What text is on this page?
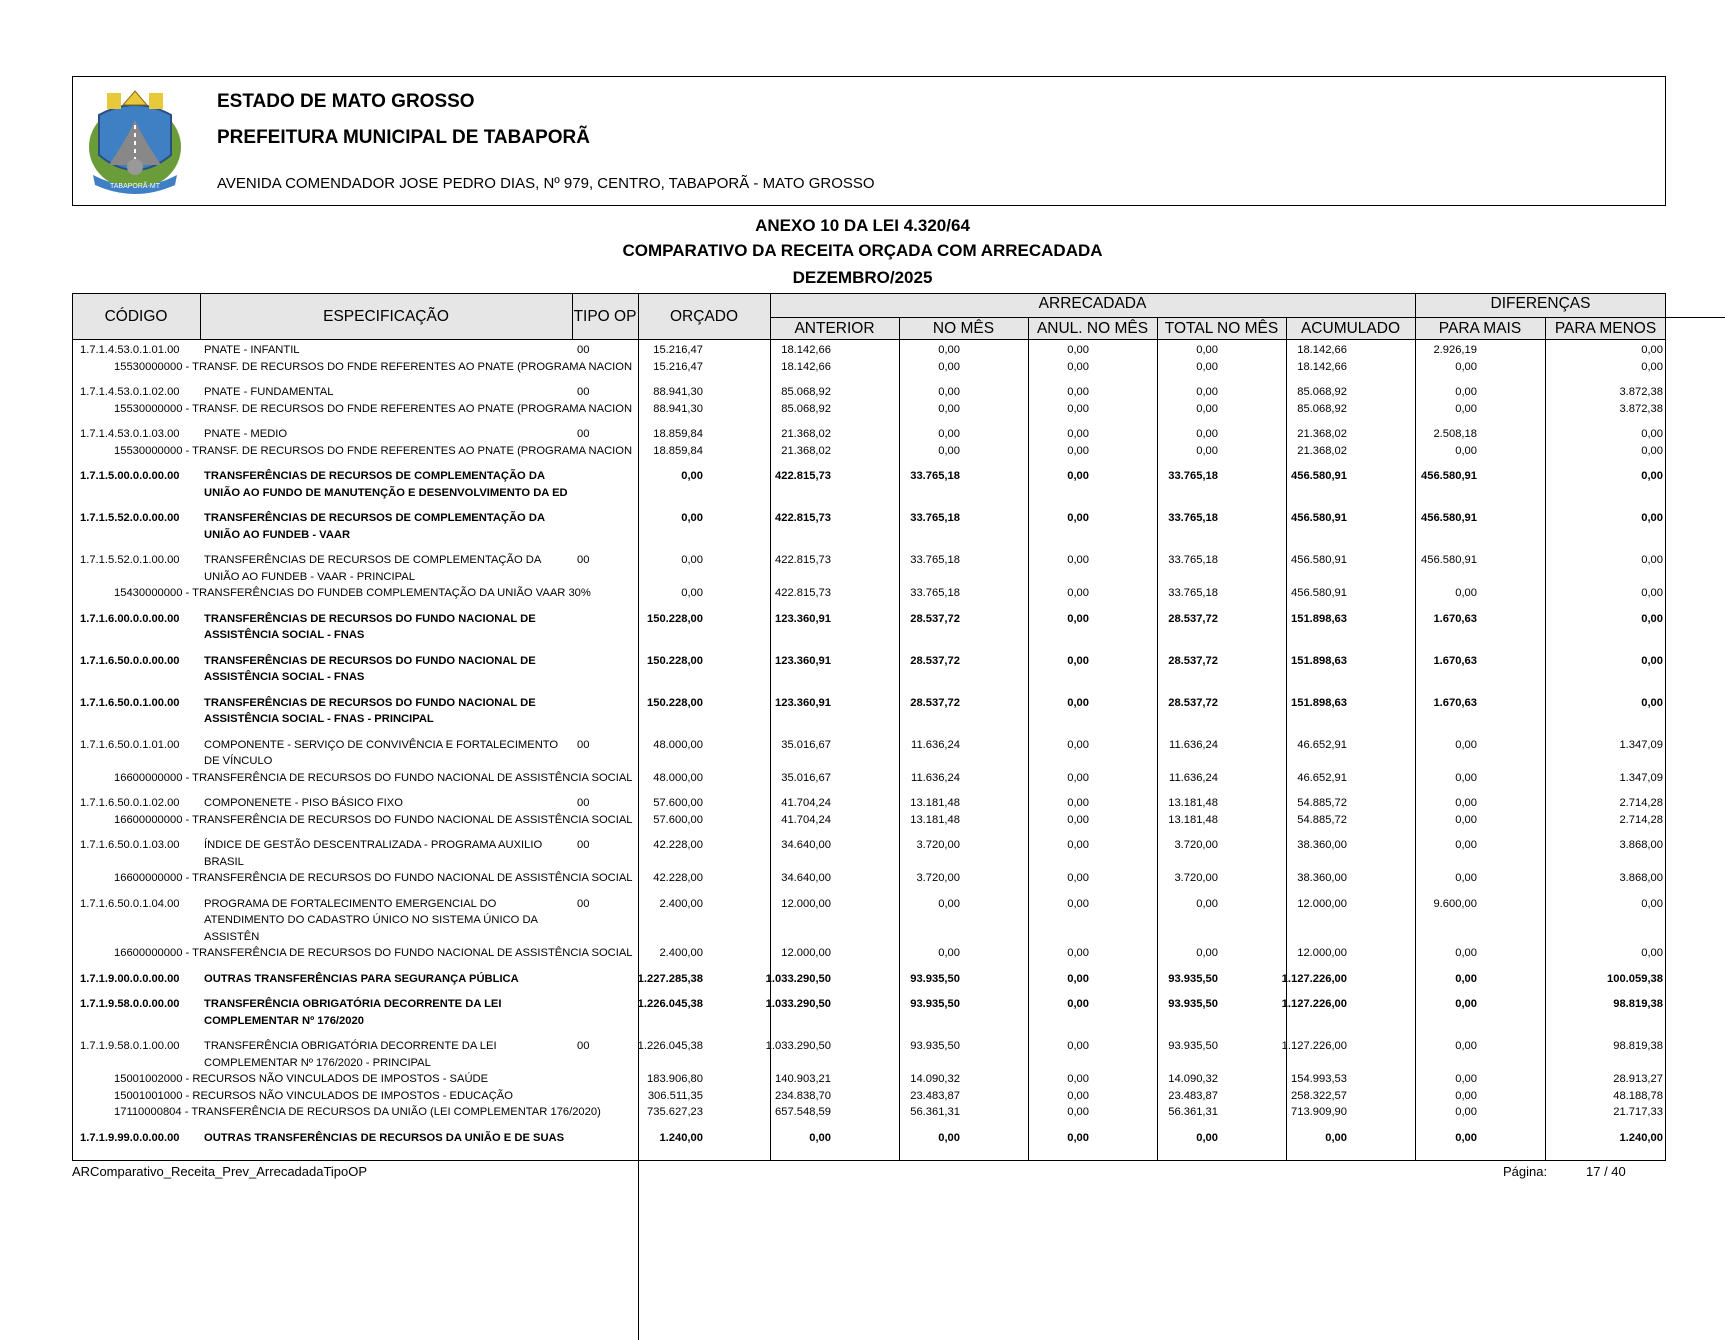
TABAPORÃ-MT
ESTADO DE MATO GROSSO
PREFEITURA MUNICIPAL DE TABAPORÃ
AVENIDA COMENDADOR JOSE PEDRO DIAS, Nº 979, CENTRO, TABAPORÃ - MATO GROSSO
ANEXO 10 DA LEI 4.320/64
COMPARATIVO DA RECEITA ORÇADA COM ARRECADADA
DEZEMBRO/2025
CÓDIGO	ESPECIFICAÇÃO	TIPO OP	ORÇADO
ARRECADADA	DIFERENÇAS
ANTERIOR	NO MÊS	ANUL. NO MÊS	TOTAL NO MÊS	ACUMULADO	PARA MAIS	PARA MENOS
1.7.1.4.53.0.1.01.00 PNATE - INFANTIL	00	15.216,47	18.142,66	0,00	0,00	0,00	18.142,66	2.926,19	0,00
15530000000 - TRANSF. DE RECURSOS DO FNDE REFERENTES AO PNATE (PROGRAMA NACION 15.216,47	18.142,66	0,00	0,00	0,00	18.142,66	0,00	0,00
1.7.1.4.53.0.1.02.00 PNATE - FUNDAMENTAL	00	88.941,30	85.068,92	0,00	0,00	0,00	85.068,92	0,00	3.872,38
15530000000 - TRANSF. DE RECURSOS DO FNDE REFERENTES AO PNATE (PROGRAMA NACION 88.941,30	85.068,92	0,00	0,00	0,00	85.068,92	0,00	3.872,38
1.7.1.4.53.0.1.03.00 PNATE - MEDIO	00	18.859,84	21.368,02	0,00	0,00	0,00	21.368,02	2.508,18	0,00
15530000000 - TRANSF. DE RECURSOS DO FNDE REFERENTES AO PNATE (PROGRAMA NACION 18.859,84	21.368,02	0,00	0,00	0,00	21.368,02	0,00	0,00
1.7.1.5.00.0.0.00.00 TRANSFERÊNCIAS DE RECURSOS DE COMPLEMENTAÇÃO DA	0,00	422.815,73	33.765,18	0,00	33.765,18	456.580,91	456.580,91	0,00
UNIÃO AO FUNDO DE MANUTENÇÃO E DESENVOLVIMENTO DA ED
1.7.1.5.52.0.0.00.00 TRANSFERÊNCIAS DE RECURSOS DE COMPLEMENTAÇÃO DA	0,00	422.815,73	33.765,18	0,00	33.765,18	456.580,91	456.580,91	0,00
UNIÃO AO FUNDEB - VAAR
1.7.1.5.52.0.1.00.00 TRANSFERÊNCIAS DE RECURSOS DE COMPLEMENTAÇÃO DA	00	0,00	422.815,73	33.765,18	0,00	33.765,18	456.580,91	456.580,91	0,00
UNIÃO AO FUNDEB - VAAR - PRINCIPAL
15430000000 - TRANSFERÊNCIAS DO FUNDEB COMPLEMENTAÇÃO DA UNIÃO VAAR 30%	0,00	422.815,73	33.765,18	0,00	33.765,18	456.580,91	0,00	0,00
1.7.1.6.00.0.0.00.00 TRANSFERÊNCIAS DE RECURSOS DO FUNDO NACIONAL DE	150.228,00	123.360,91	28.537,72	0,00	28.537,72	151.898,63	1.670,63	0,00
ASSISTÊNCIA SOCIAL - FNAS
1.7.1.6.50.0.0.00.00 TRANSFERÊNCIAS DE RECURSOS DO FUNDO NACIONAL DE	150.228,00	123.360,91	28.537,72	0,00	28.537,72	151.898,63	1.670,63	0,00
ASSISTÊNCIA SOCIAL - FNAS
1.7.1.6.50.0.1.00.00 TRANSFERÊNCIAS DE RECURSOS DO FUNDO NACIONAL DE	150.228,00	123.360,91	28.537,72	0,00	28.537,72	151.898,63	1.670,63	0,00
ASSISTÊNCIA SOCIAL - FNAS - PRINCIPAL
1.7.1.6.50.0.1.01.00 COMPONENTE - SERVIÇO DE CONVIVÊNCIA E FORTALECIMENTO 00	48.000,00	35.016,67	11.636,24	0,00	11.636,24	46.652,91	0,00	1.347,09
DE VÍNCULO
16600000000 - TRANSFERÊNCIA DE RECURSOS DO FUNDO NACIONAL DE ASSISTÊNCIA SOCIAL 48.000,00	35.016,67	11.636,24	0,00	11.636,24	46.652,91	0,00	1.347,09
1.7.1.6.50.0.1.02.00 COMPONENETE - PISO BÁSICO FIXO	00	57.600,00	41.704,24	13.181,48	0,00	13.181,48	54.885,72	0,00	2.714,28
16600000000 - TRANSFERÊNCIA DE RECURSOS DO FUNDO NACIONAL DE ASSISTÊNCIA SOCIAL 57.600,00	41.704,24	13.181,48	0,00	13.181,48	54.885,72	0,00	2.714,28
1.7.1.6.50.0.1.03.00 ÍNDICE DE GESTÃO DESCENTRALIZADA - PROGRAMA AUXILIO	00	42.228,00	34.640,00	3.720,00	0,00	3.720,00	38.360,00	0,00	3.868,00
BRASIL
16600000000 - TRANSFERÊNCIA DE RECURSOS DO FUNDO NACIONAL DE ASSISTÊNCIA SOCIAL 42.228,00	34.640,00	3.720,00	0,00	3.720,00	38.360,00	0,00	3.868,00
1.7.1.6.50.0.1.04.00 PROGRAMA DE FORTALECIMENTO EMERGENCIAL DO	00	2.400,00	12.000,00	0,00	0,00	0,00	12.000,00	9.600,00	0,00
ATENDIMENTO DO CADASTRO ÚNICO NO SISTEMA ÚNICO DA
ASSISTÊN
16600000000 - TRANSFERÊNCIA DE RECURSOS DO FUNDO NACIONAL DE ASSISTÊNCIA SOCIAL 2.400,00	12.000,00	0,00	0,00	0,00	12.000,00	0,00	0,00
1.7.1.9.00.0.0.00.00 OUTRAS TRANSFERÊNCIAS PARA SEGURANÇA PÚBLICA	1.227.285,38	1.033.290,50	93.935,50	0,00	93.935,50	1.127.226,00	0,00	100.059,38
1.7.1.9.58.0.0.00.00 TRANSFERÊNCIA OBRIGATÓRIA DECORRENTE DA LEI	1.226.045,38	1.033.290,50	93.935,50	0,00	93.935,50	1.127.226,00	0,00	98.819,38
COMPLEMENTAR Nº 176/2020
1.7.1.9.58.0.1.00.00 TRANSFERÊNCIA OBRIGATÓRIA DECORRENTE DA LEI	00	1.226.045,38	1.033.290,50	93.935,50	0,00	93.935,50	1.127.226,00	0,00	98.819,38
COMPLEMENTAR Nº 176/2020 - PRINCIPAL
15001002000 - RECURSOS NÃO VINCULADOS DE IMPOSTOS - SAÚDE	183.906,80	140.903,21	14.090,32	0,00	14.090,32	154.993,53	0,00	28.913,27
15001001000 - RECURSOS NÃO VINCULADOS DE IMPOSTOS - EDUCAÇÃO	306.511,35	234.838,70	23.483,87	0,00	23.483,87	258.322,57	0,00	48.188,78
17110000804 - TRANSFERÊNCIA DE RECURSOS DA UNIÃO (LEI COMPLEMENTAR 176/2020)	735.627,23	657.548,59	56.361,31	0,00	56.361,31	713.909,90	0,00	21.717,33
1.7.1.9.99.0.0.00.00 OUTRAS TRANSFERÊNCIAS DE RECURSOS DA UNIÃO E DE SUAS	1.240,00	0,00	0,00	0,00	0,00	0,00	0,00	1.240,00
ARComparativo_Receita_Prev_ArrecadadaTipoOP	Página:	17 / 40
